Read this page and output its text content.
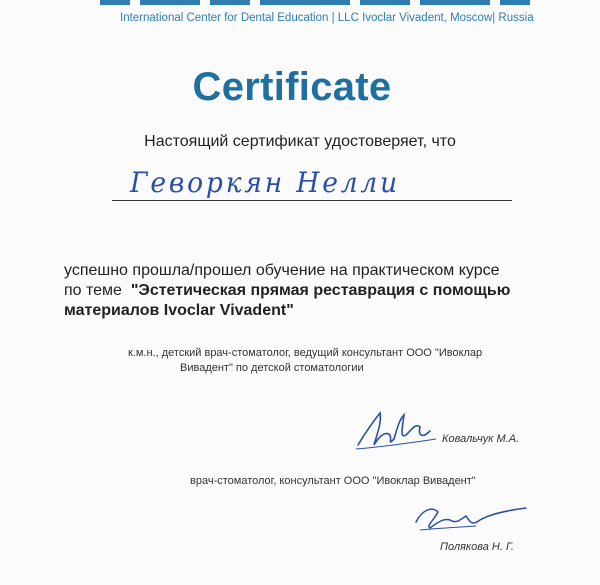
International Center for Dental Education | LLC Ivoclar Vivadent, Moscow| Russia
Certificate
Настоящий сертификат удостоверяет, что
Геворкян Нелли
успешно прошла/прошел обучение на практическом курсе
по теме "Эстетическая прямая реставрация с помощью
материалов Ivoclar Vivadent"
к.м.н., детский врач-стоматолог, ведущий консультант ООО "Ивоклар
Вивадент" по детской стоматологии
Ковальчук М.А.
врач-стоматолог, консультант ООО "Ивоклар Вивадент"
Полякова Н. Г.
